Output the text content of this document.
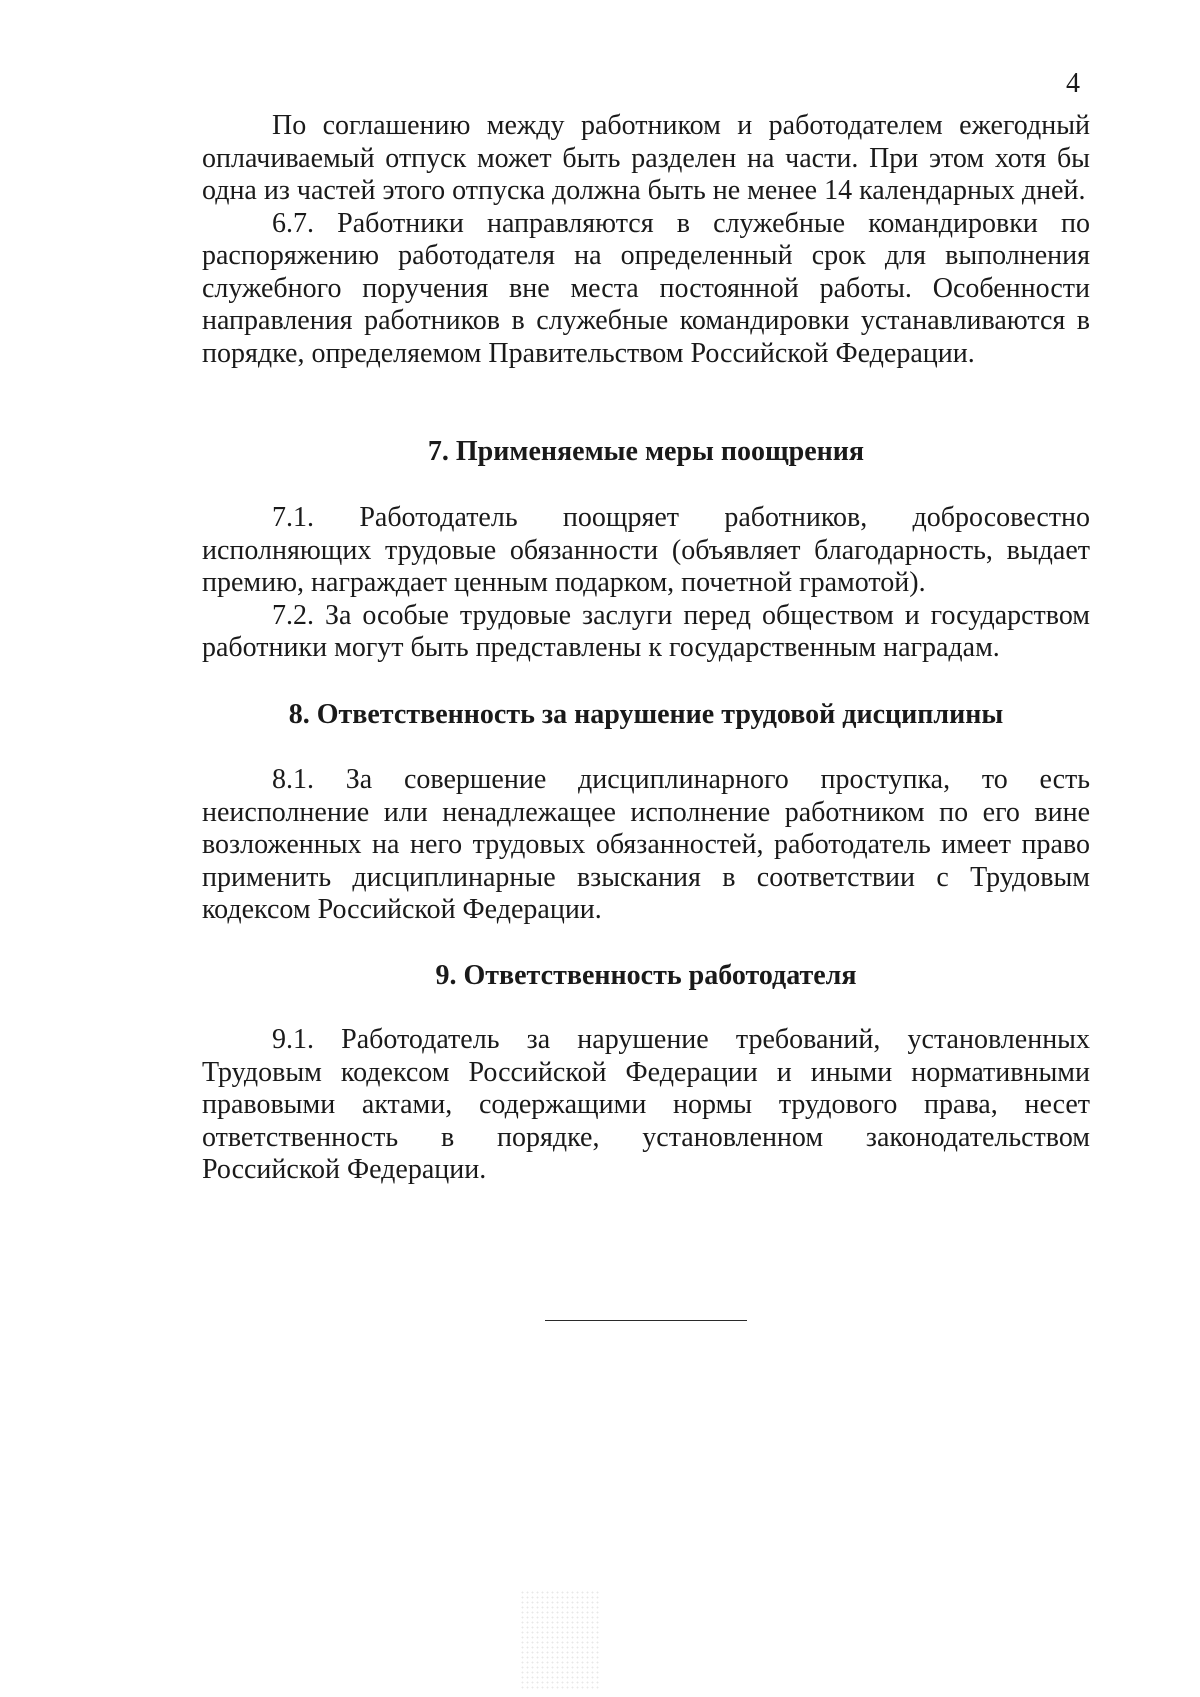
4

По соглашению между работником и работодателем ежегодный оплачиваемый отпуск может быть разделен на части. При этом хотя бы одна из частей этого отпуска должна быть не менее 14 календарных дней.

6.7. Работники направляются в служебные командировки по распоряжению работодателя на определенный срок для выполнения служебного поручения вне места постоянной работы. Особенности направления работников в служебные командировки устанавливаются в порядке, определяемом Правительством Российской Федерации.

7. Применяемые меры поощрения

7.1. Работодатель поощряет работников, добросовестно исполняющих трудовые обязанности (объявляет благодарность, выдает премию, награждает ценным подарком, почетной грамотой).

7.2. За особые трудовые заслуги перед обществом и государством работники могут быть представлены к государственным наградам.

8. Ответственность за нарушение трудовой дисциплины

8.1. За совершение дисциплинарного проступка, то есть неисполнение или ненадлежащее исполнение работником по его вине возложенных на него трудовых обязанностей, работодатель имеет право применить дисциплинарные взыскания в соответствии с Трудовым кодексом Российской Федерации.

9. Ответственность работодателя

9.1. Работодатель за нарушение требований, установленных Трудовым кодексом Российской Федерации и иными нормативными правовыми актами, содержащими нормы трудового права, несет ответственность в порядке, установленном законодательством Российской Федерации.
